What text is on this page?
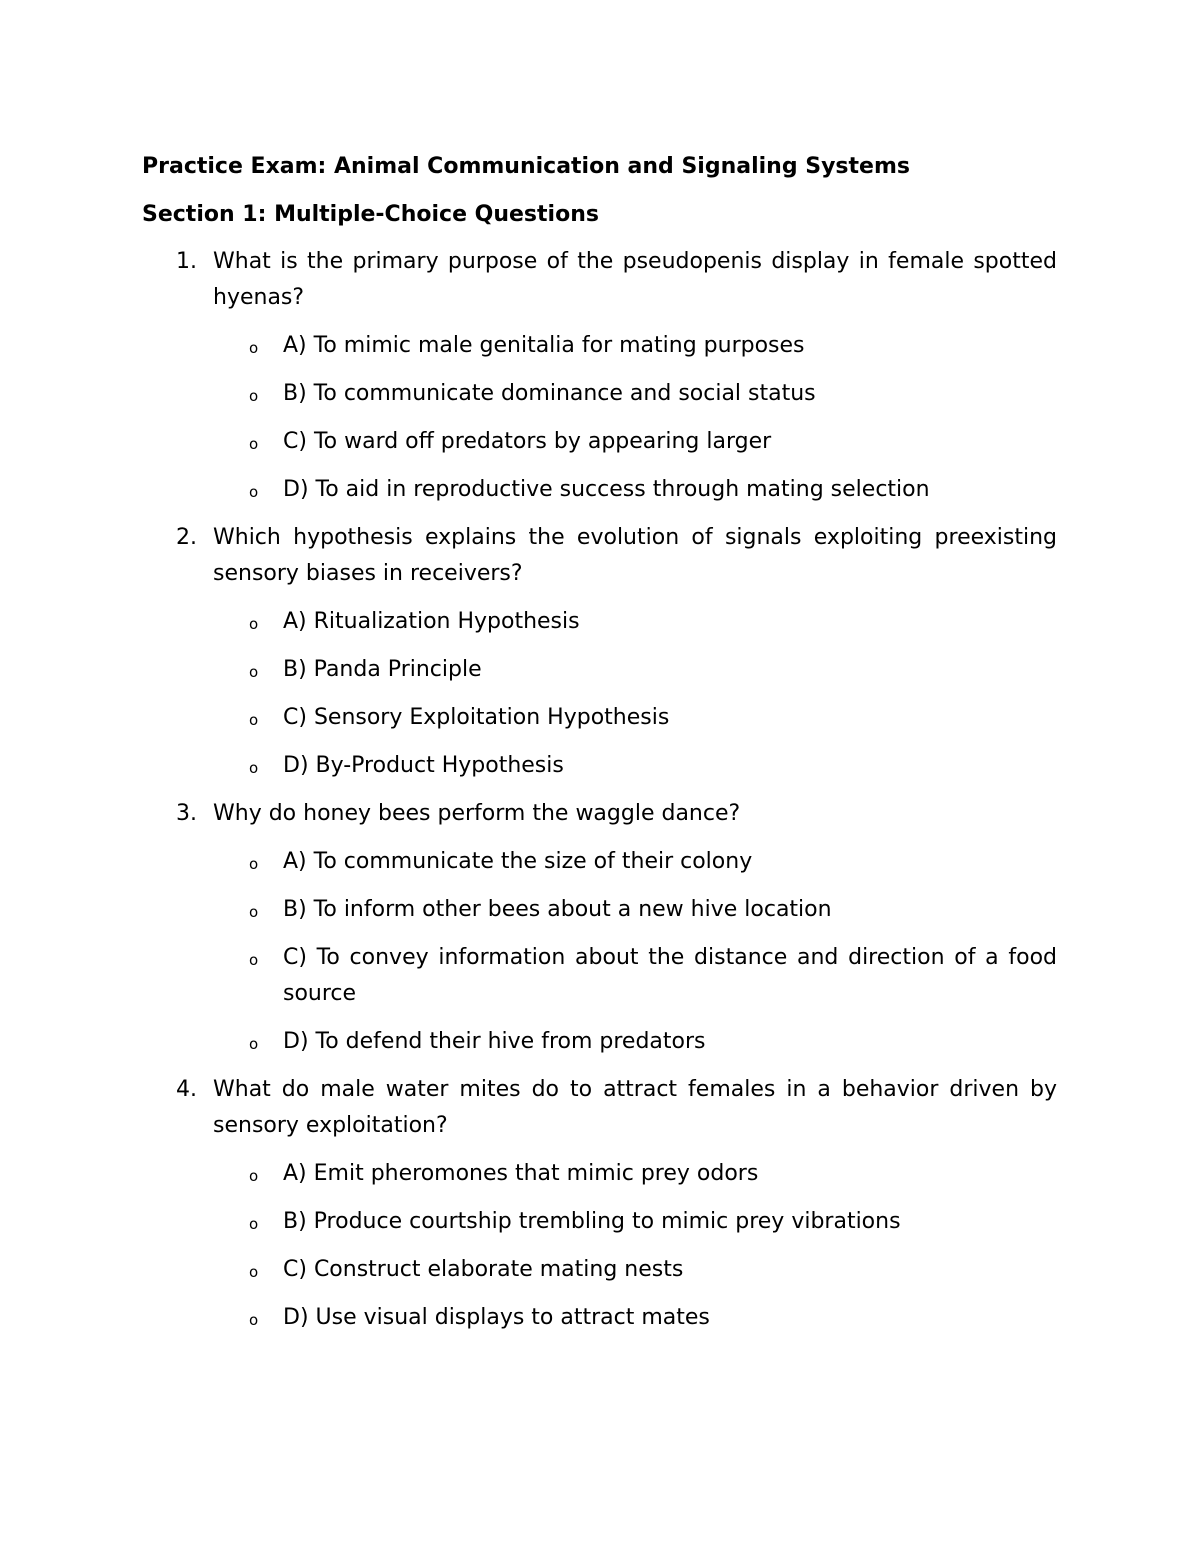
Practice Exam: Animal Communication and Signaling Systems
Section 1: Multiple-Choice Questions
1. What is the primary purpose of the pseudopenis display in female spotted hyenas?
o A) To mimic male genitalia for mating purposes
o B) To communicate dominance and social status
o C) To ward off predators by appearing larger
o D) To aid in reproductive success through mating selection
2. Which hypothesis explains the evolution of signals exploiting preexisting sensory biases in receivers?
o A) Ritualization Hypothesis
o B) Panda Principle
o C) Sensory Exploitation Hypothesis
o D) By-Product Hypothesis
3. Why do honey bees perform the waggle dance?
o A) To communicate the size of their colony
o B) To inform other bees about a new hive location
o C) To convey information about the distance and direction of a food source
o D) To defend their hive from predators
4. What do male water mites do to attract females in a behavior driven by sensory exploitation?
o A) Emit pheromones that mimic prey odors
o B) Produce courtship trembling to mimic prey vibrations
o C) Construct elaborate mating nests
o D) Use visual displays to attract mates
